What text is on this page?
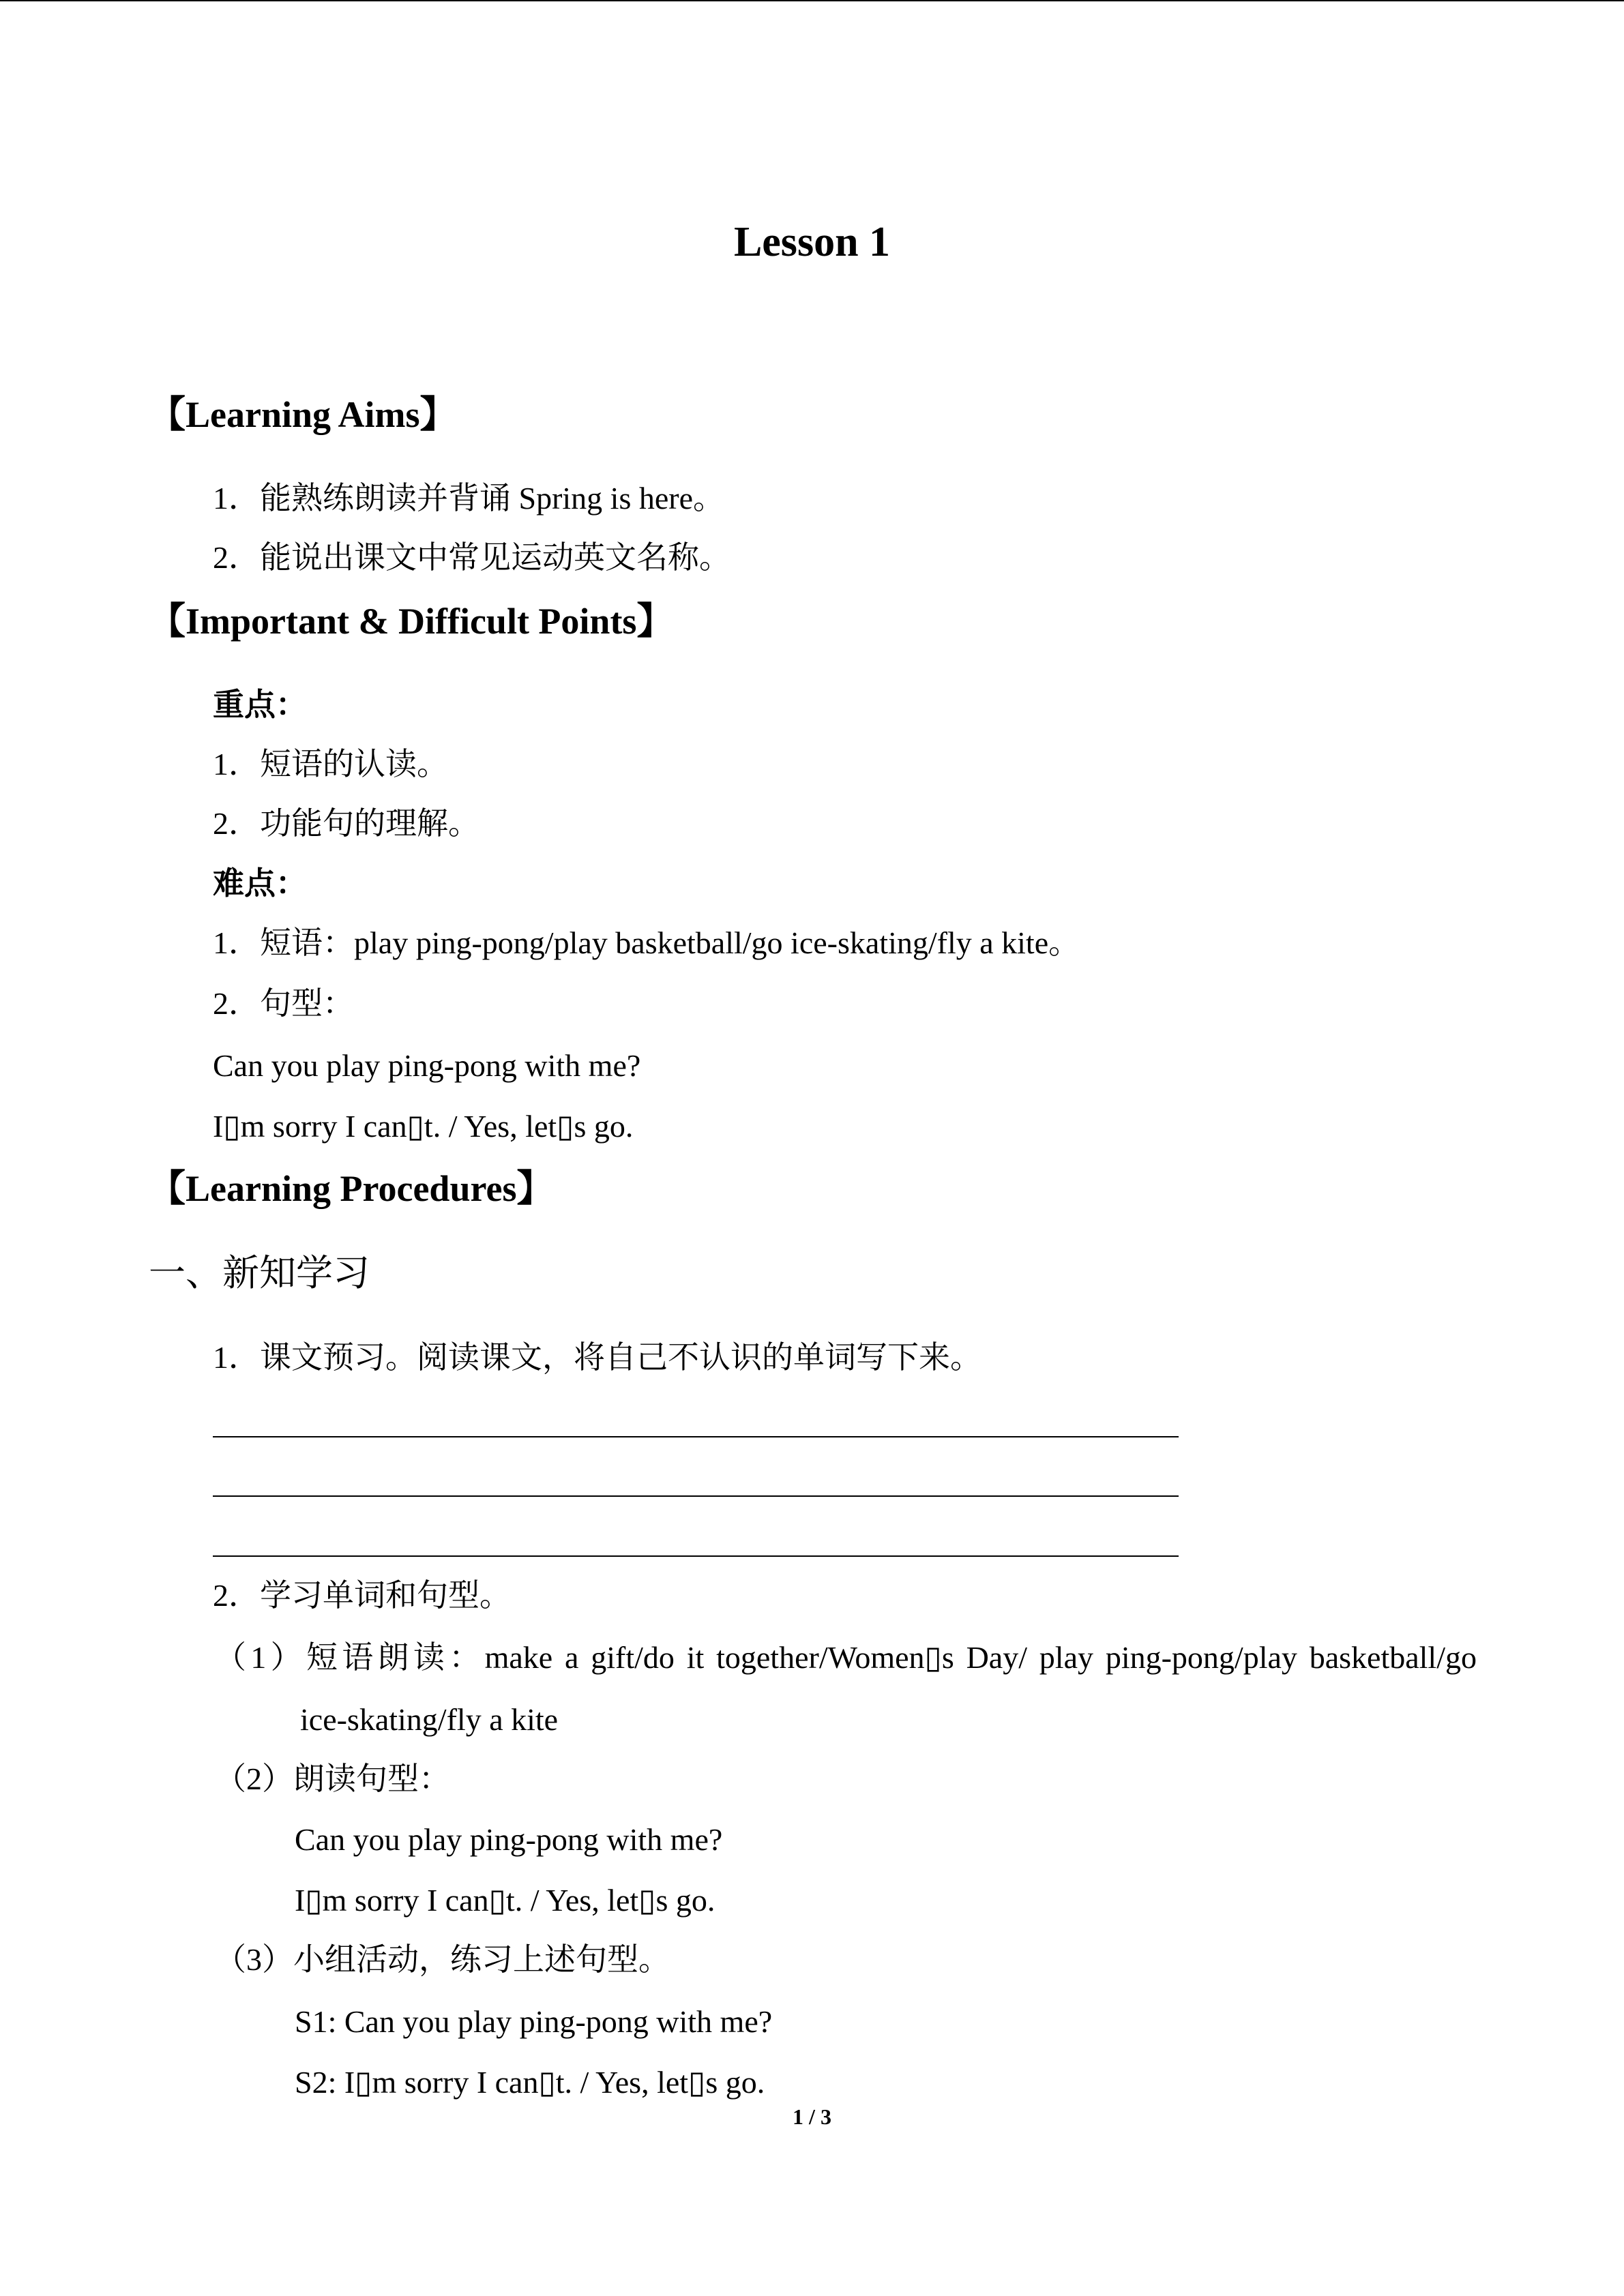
Lesson 1
【Learning Aims】
1．能熟练朗读并背诵 Spring is here。
2．能说出课文中常见运动英文名称。
【Important & Difficult Points】
重点：
1．短语的认读。
2．功能句的理解。
难点：
1．短语：play ping-pong/play basketball/go ice-skating/fly a kite。
2．句型：
Can you play ping-pong with me?
I▯m sorry I can▯t. / Yes, let▯s go.
【Learning Procedures】
一、新知学习
1．课文预习。阅读课文，将自己不认识的单词写下来。
2．学习单词和句型。
（1）短语朗读：make a gift/do it together/Women▯s Day/ play ping-pong/play basketball/go
ice-skating/fly a kite
（2）朗读句型：
Can you play ping-pong with me?
I▯m sorry I can▯t. / Yes, let▯s go.
（3）小组活动，练习上述句型。
S1: Can you play ping-pong with me?
S2: I▯m sorry I can▯t. / Yes, let▯s go.
1 / 3
